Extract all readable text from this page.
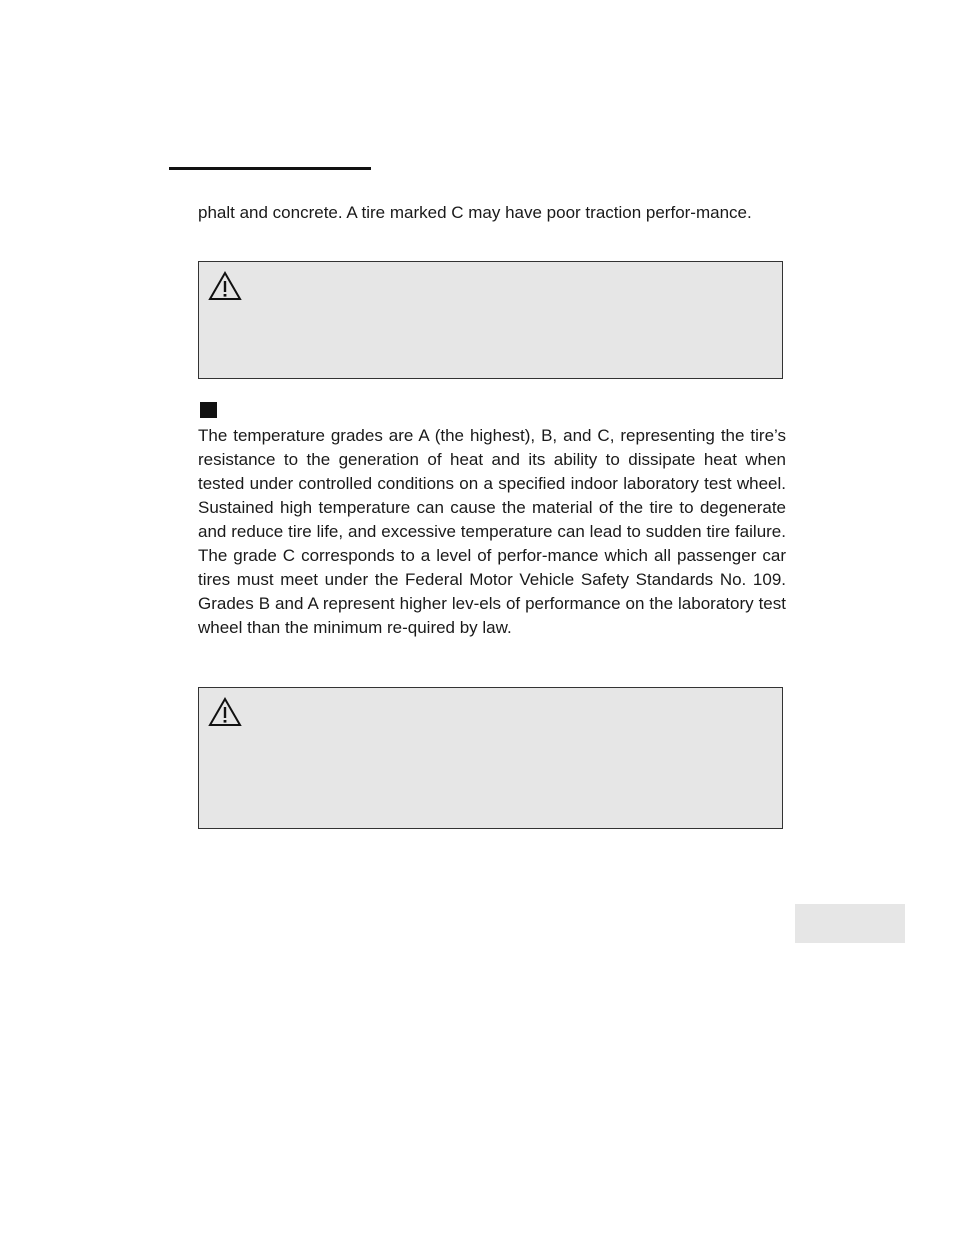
phalt and concrete. A tire marked C may have poor traction perfor-mance.

The temperature grades are A (the highest), B, and C, representing the tire’s resistance to the generation of heat and its ability to dissipate heat when tested under controlled conditions on a specified indoor laboratory test wheel. Sustained high temperature can cause the material of the tire to degenerate and reduce tire life, and excessive temperature can lead to sudden tire failure. The grade C corresponds to a level of perfor-mance which all passenger car tires must meet under the Federal Motor Vehicle Safety Standards No. 109. Grades B and A represent higher lev-els of performance on the laboratory test wheel than the minimum re-quired by law.
